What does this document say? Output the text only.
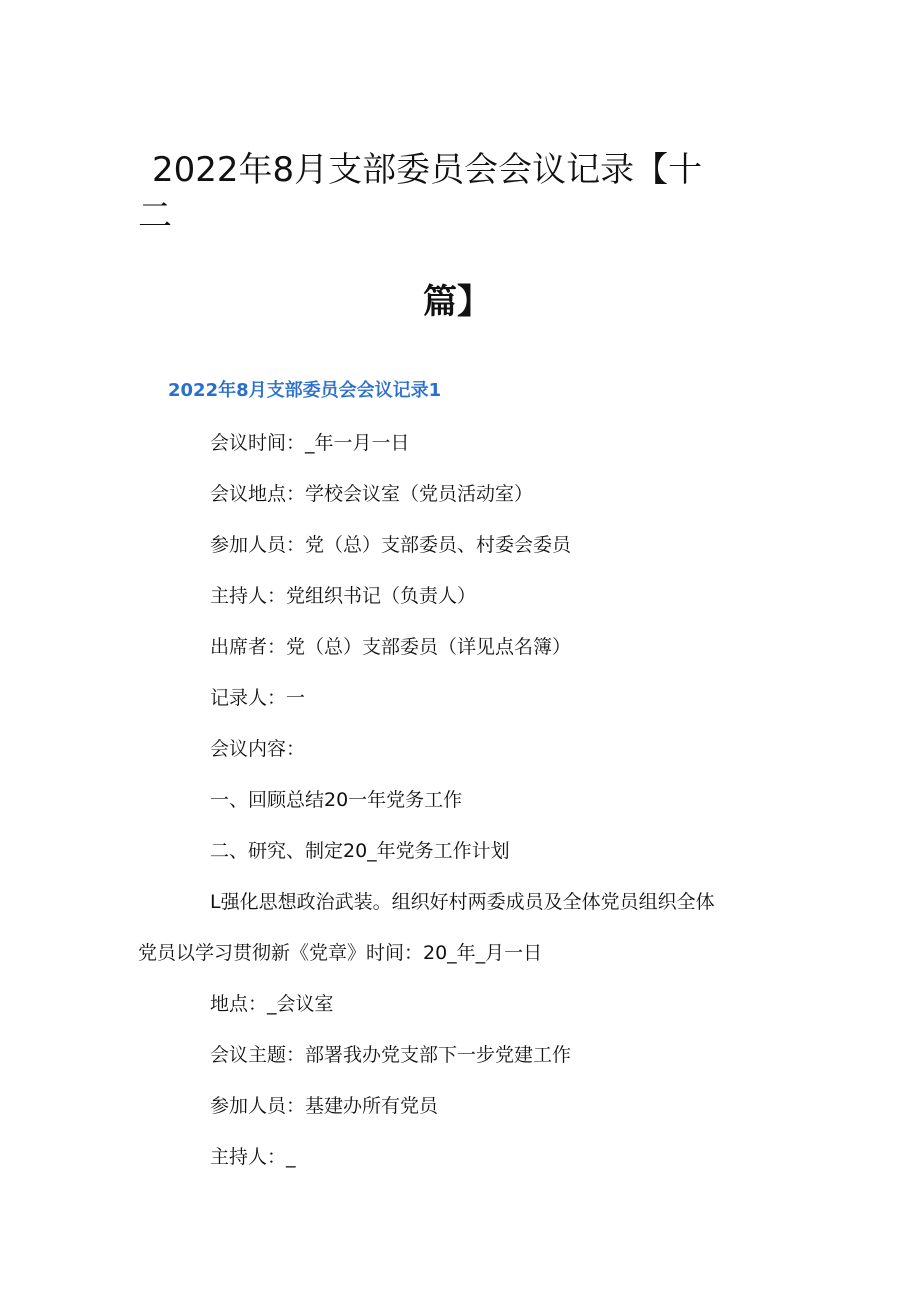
2022年8月支部委员会会议记录【十
二
篇】
2022年8月支部委员会会议记录1
会议时间：_年一月一日
会议地点：学校会议室（党员活动室）
参加人员：党（总）支部委员、村委会委员
主持人：党组织书记（负责人）
出席者：党（总）支部委员（详见点名簿）
记录人：一
会议内容：
一、回顾总结20一年党务工作
二、研究、制定20_年党务工作计划
L强化思想政治武装。组织好村两委成员及全体党员组织全体
党员以学习贯彻新《党章》时间：20_年_月一日
地点：_会议室
会议主题：部署我办党支部下一步党建工作
参加人员：基建办所有党员
主持人：_
